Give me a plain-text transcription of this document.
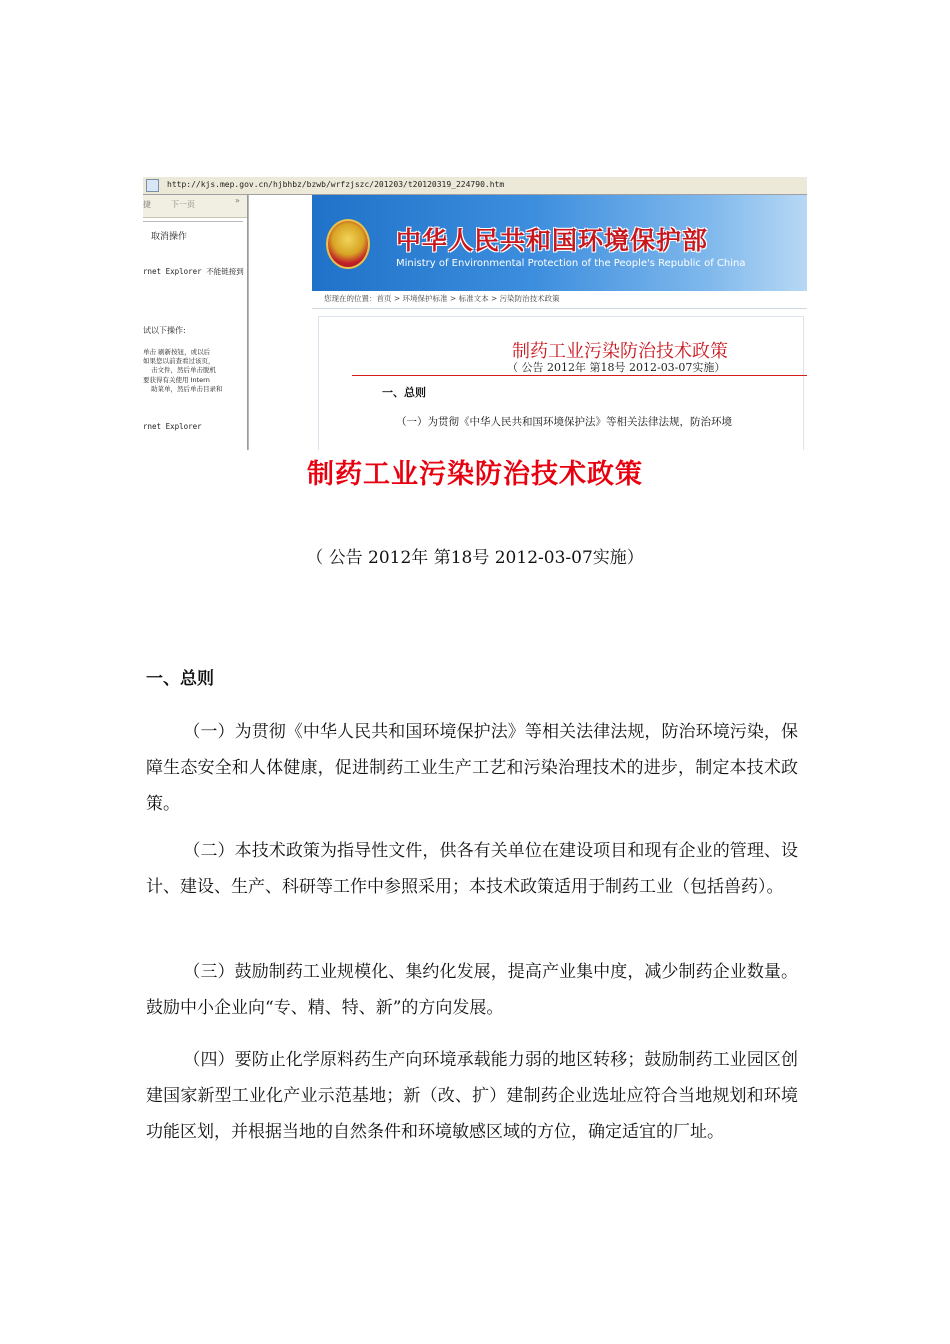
http://kjs.mep.gov.cn/hjbhbz/bzwb/wrfzjszc/201203/t20120319_224790.htm
捷	下一页	»
取消操作
rnet Explorer 不能链接到
试以下操作:
单击 刷新按钮，或以后
如果您以前查看过该页，
击文件，然后单击脱机
要获得有关使用 Intern
助菜单，然后单击目录和
rnet Explorer
中华人民共和国环境保护部
Ministry of Environmental Protection of the People's Republic of China
您现在的位置：首页 > 环境保护标准 > 标准文本 > 污染防治技术政策
制药工业污染防治技术政策
（ 公告 2012年 第18号 2012-03-07实施）
一、总则
（一）为贯彻《中华人民共和国环境保护法》等相关法律法规，防治环境
制药工业污染防治技术政策
（ 公告 2012年 第18号 2012-03-07实施）
一、总则
（一）为贯彻《中华人民共和国环境保护法》等相关法律法规，防治环境污染，保障生态安全和人体健康，促进制药工业生产工艺和污染治理技术的进步，制定本技术政策。
（二）本技术政策为指导性文件，供各有关单位在建设项目和现有企业的管理、设计、建设、生产、科研等工作中参照采用；本技术政策适用于制药工业（包括兽药）。
（三）鼓励制药工业规模化、集约化发展，提高产业集中度，减少制药企业数量。鼓励中小企业向“专、精、特、新”的方向发展。
（四）要防止化学原料药生产向环境承载能力弱的地区转移；鼓励制药工业园区创建国家新型工业化产业示范基地；新（改、扩）建制药企业选址应符合当地规划和环境功能区划，并根据当地的自然条件和环境敏感区域的方位，确定适宜的厂址。
